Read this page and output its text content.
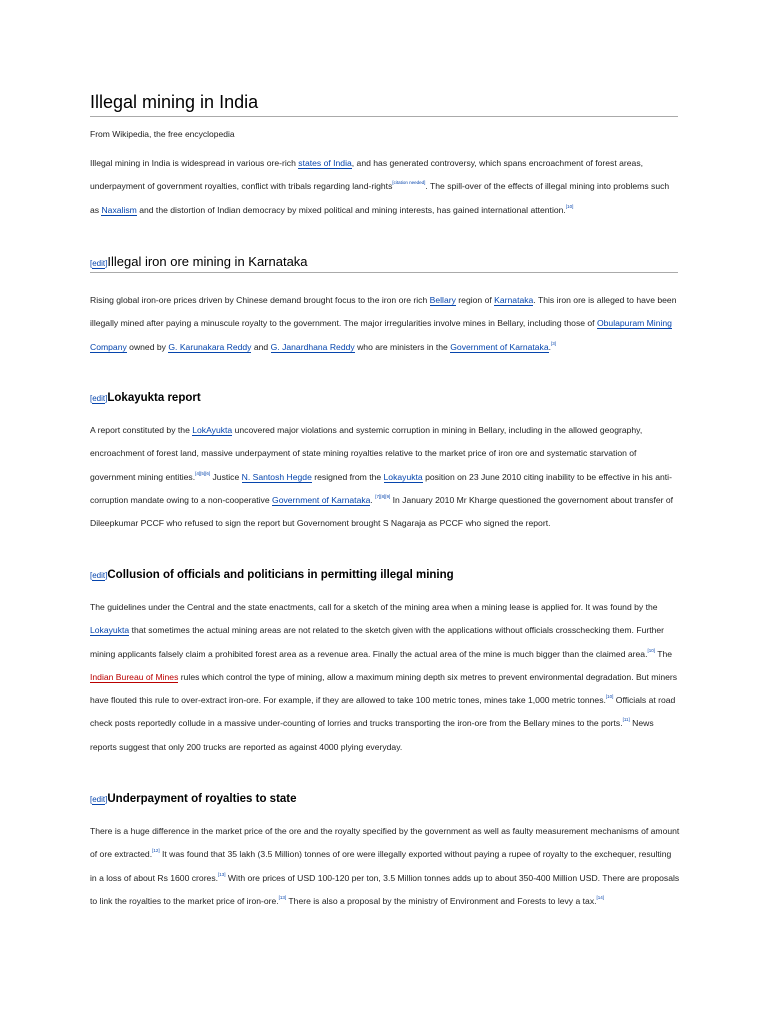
Illegal mining in India
From Wikipedia, the free encyclopedia

Illegal mining in India is widespread in various ore-rich states of India, and has generated controversy, which spans encroachment of forest areas, underpayment of government royalties, conflict with tribals regarding land-rights[citation needed]. The spill-over of the effects of illegal mining into problems such as Naxalism and the distortion of Indian democracy by mixed political and mining interests, has gained international attention.[10]

[edit]Illegal iron ore mining in Karnataka

Rising global iron-ore prices driven by Chinese demand brought focus to the iron ore rich Bellary region of Karnataka. This iron ore is alleged to have been illegally mined after paying a minuscule royalty to the government. The major irregularities involve mines in Bellary, including those of Obulapuram Mining Company owned by G. Karunakara Reddy and G. Janardhana Reddy who are ministers in the Government of Karnataka.[3]

[edit]Lokayukta report

A report constituted by the LokAyukta uncovered major violations and systemic corruption in mining in Bellary, including in the allowed geography, encroachment of forest land, massive underpayment of state mining royalties relative to the market price of iron ore and systematic starvation of government mining entities.[4][5][6] Justice N. Santosh Hegde resigned from the Lokayukta position on 23 June 2010 citing inability to be effective in his anti-corruption mandate owing to a non-cooperative Government of Karnataka. [7][8][9] In January 2010 Mr Kharge questioned the governoment about transfer of Dileepkumar PCCF who refused to sign the report but Governoment brought S Nagaraja as PCCF who signed the report.

[edit]Collusion of officials and politicians in permitting illegal mining

The guidelines under the Central and the state enactments, call for a sketch of the mining area when a mining lease is applied for. It was found by the Lokayukta that sometimes the actual mining areas are not related to the sketch given with the applications without officials crosschecking them. Further mining applicants falsely claim a prohibited forest area as a revenue area. Finally the actual area of the mine is much bigger than the claimed area.[10] The Indian Bureau of Mines rules which control the type of mining, allow a maximum mining depth six metres to prevent environmental degradation. But miners have flouted this rule to over-extract iron-ore. For example, if they are allowed to take 100 metric tones, mines take 1,000 metric tonnes.[10] Officials at road check posts reportedly collude in a massive under-counting of lorries and trucks transporting the iron-ore from the Bellary mines to the ports.[11] News reports suggest that only 200 trucks are reported as against 4000 plying everyday.

[edit]Underpayment of royalties to state

There is a huge difference in the market price of the ore and the royalty specified by the government as well as faulty measurement mechanisms of amount of ore extracted.[12] It was found that 35 lakh (3.5 Million) tonnes of ore were illegally exported without paying a rupee of royalty to the exchequer, resulting in a loss of about Rs 1600 crores.[13] With ore prices of USD 100-120 per ton, 3.5 Million tonnes adds up to about 350-400 Million USD. There are proposals to link the royalties to the market price of iron-ore.[13] There is also a proposal by the ministry of Environment and Forests to levy a tax.[14]
